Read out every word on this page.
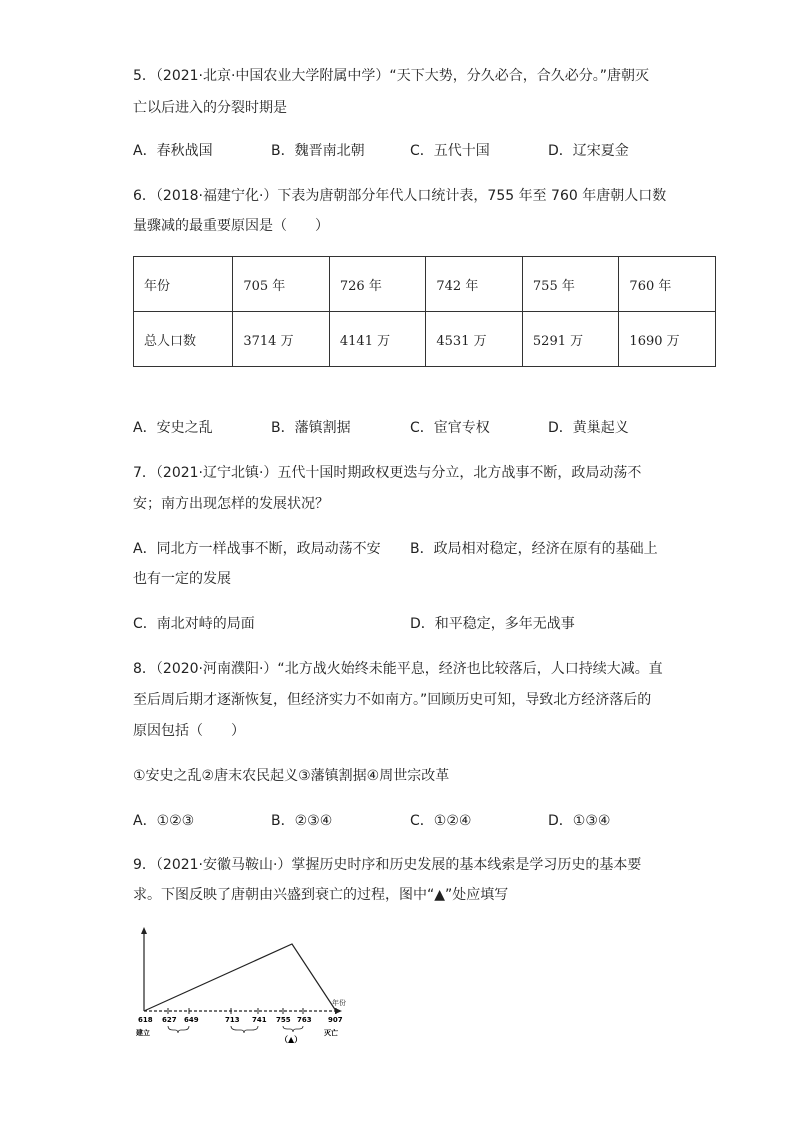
5．（2021·北京·中国农业大学附属中学）“天下大势，分久必合，合久必分。”唐朝灭
亡以后进入的分裂时期是
A．春秋战国	B．魏晋南北朝	C．五代十国	D．辽宋夏金
6．（2018·福建宁化·）下表为唐朝部分年代人口统计表，755 年至 760 年唐朝人口数
量骤减的最重要原因是（　　）
年份	705 年	726 年	742 年	755 年	760 年
总人口数	3714 万	4141 万	4531 万	5291 万	1690 万
A．安史之乱	B．藩镇割据	C．宦官专权	D．黄巢起义
7．（2021·辽宁北镇·）五代十国时期政权更迭与分立，北方战事不断，政局动荡不
安；南方出现怎样的发展状况？
A．同北方一样战事不断，政局动荡不安 B．政局相对稳定，经济在原有的基础上
也有一定的发展
C．南北对峙的局面	D．和平稳定，多年无战事
8．（2020·河南濮阳·）“北方战火始终未能平息，经济也比较落后，人口持续大减。直
至后周后期才逐渐恢复，但经济实力不如南方。”回顾历史可知，导致北方经济落后的
原因包括（　　）
①安史之乱②唐末农民起义③藩镇割据④周世宗改革
A．①②③	B．②③④	C．①②④	D．①③④
9．（2021·安徽马鞍山·）掌握历史时序和历史发展的基本线索是学习历史的基本要
求。下图反映了唐朝由兴盛到衰亡的过程，图中“▲”处应填写
年份
618 627 649	713 741 755 763 907
建立
（▲）
灭亡
